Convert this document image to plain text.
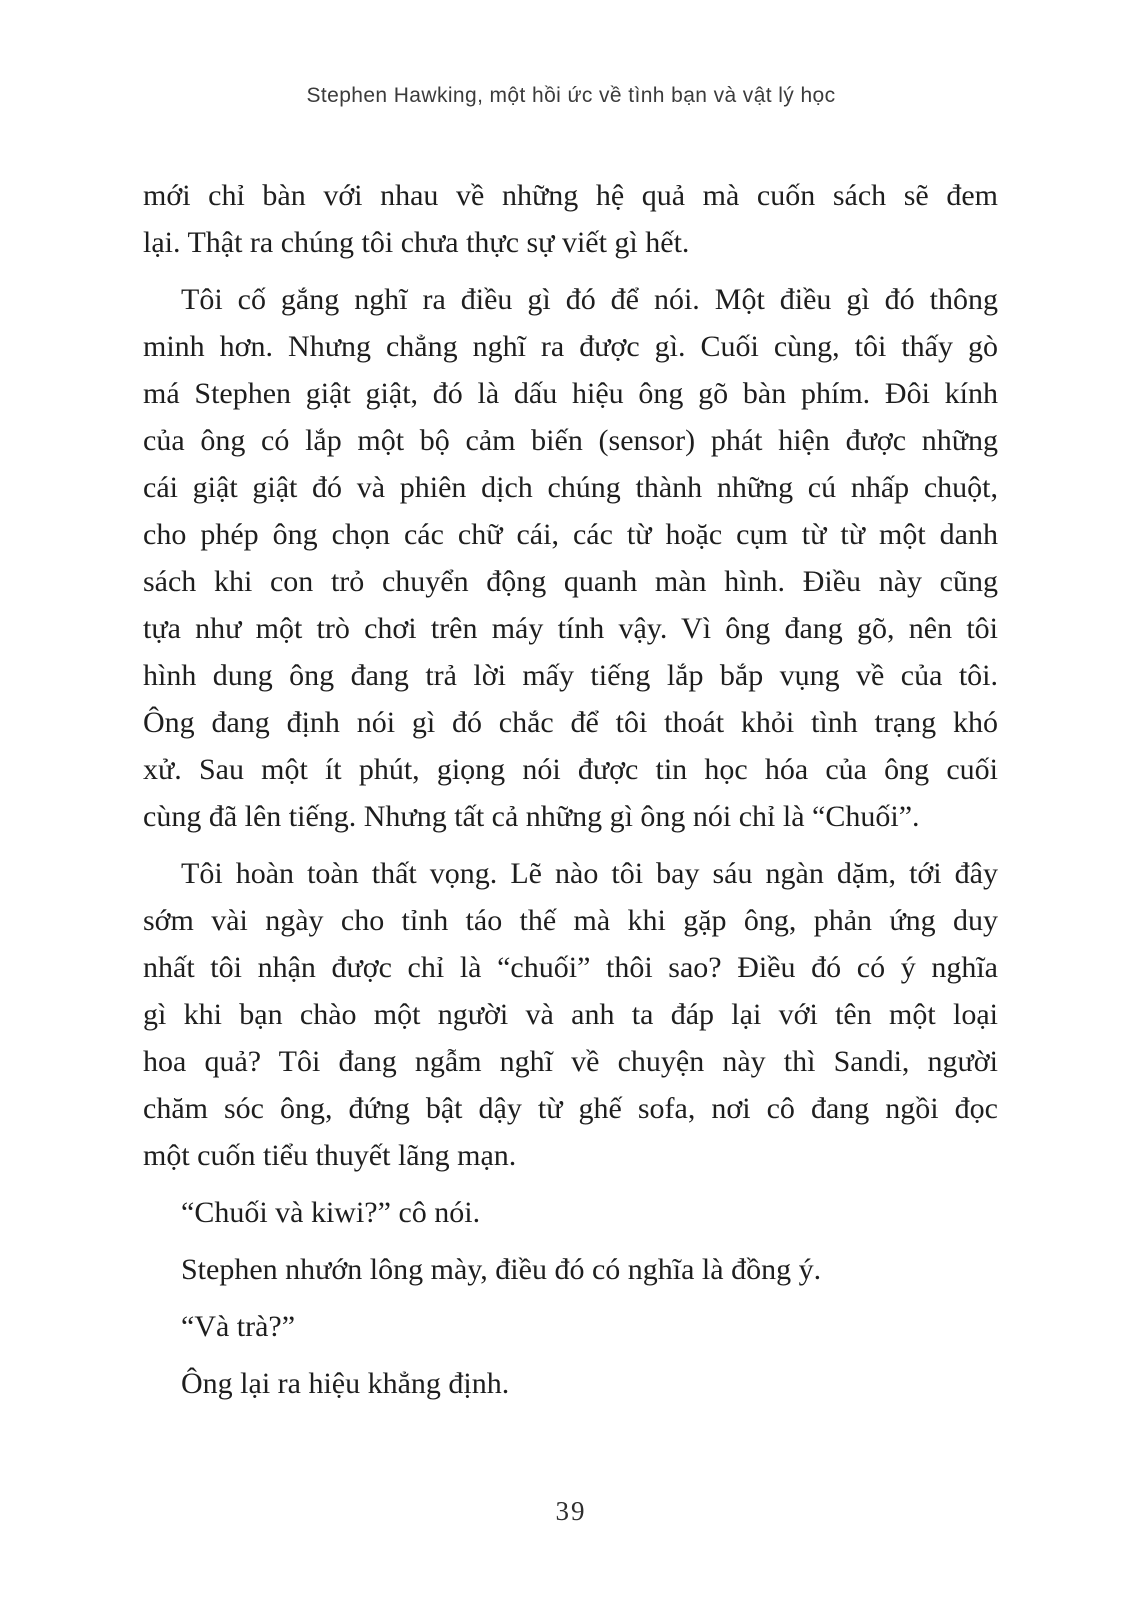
Stephen Hawking, một hồi ức về tình bạn và vật lý học
mới chỉ bàn với nhau về những hệ quả mà cuốn sách sẽ đem
lại. Thật ra chúng tôi chưa thực sự viết gì hết.
Tôi cố gắng nghĩ ra điều gì đó để nói. Một điều gì đó thông
minh hơn. Nhưng chẳng nghĩ ra được gì. Cuối cùng, tôi thấy gò
má Stephen giật giật, đó là dấu hiệu ông gõ bàn phím. Đôi kính
của ông có lắp một bộ cảm biến (sensor) phát hiện được những
cái giật giật đó và phiên dịch chúng thành những cú nhấp chuột,
cho phép ông chọn các chữ cái, các từ hoặc cụm từ từ một danh
sách khi con trỏ chuyển động quanh màn hình. Điều này cũng
tựa như một trò chơi trên máy tính vậy. Vì ông đang gõ, nên tôi
hình dung ông đang trả lời mấy tiếng lắp bắp vụng về của tôi.
Ông đang định nói gì đó chắc để tôi thoát khỏi tình trạng khó
xử. Sau một ít phút, giọng nói được tin học hóa của ông cuối
cùng đã lên tiếng. Nhưng tất cả những gì ông nói chỉ là “Chuối”.
Tôi hoàn toàn thất vọng. Lẽ nào tôi bay sáu ngàn dặm, tới đây
sớm vài ngày cho tỉnh táo thế mà khi gặp ông, phản ứng duy
nhất tôi nhận được chỉ là “chuối” thôi sao? Điều đó có ý nghĩa
gì khi bạn chào một người và anh ta đáp lại với tên một loại
hoa quả? Tôi đang ngẫm nghĩ về chuyện này thì Sandi, người
chăm sóc ông, đứng bật dậy từ ghế sofa, nơi cô đang ngồi đọc
một cuốn tiểu thuyết lãng mạn.
“Chuối và kiwi?” cô nói.
Stephen nhướn lông mày, điều đó có nghĩa là đồng ý.
“Và trà?”
Ông lại ra hiệu khẳng định.
39
